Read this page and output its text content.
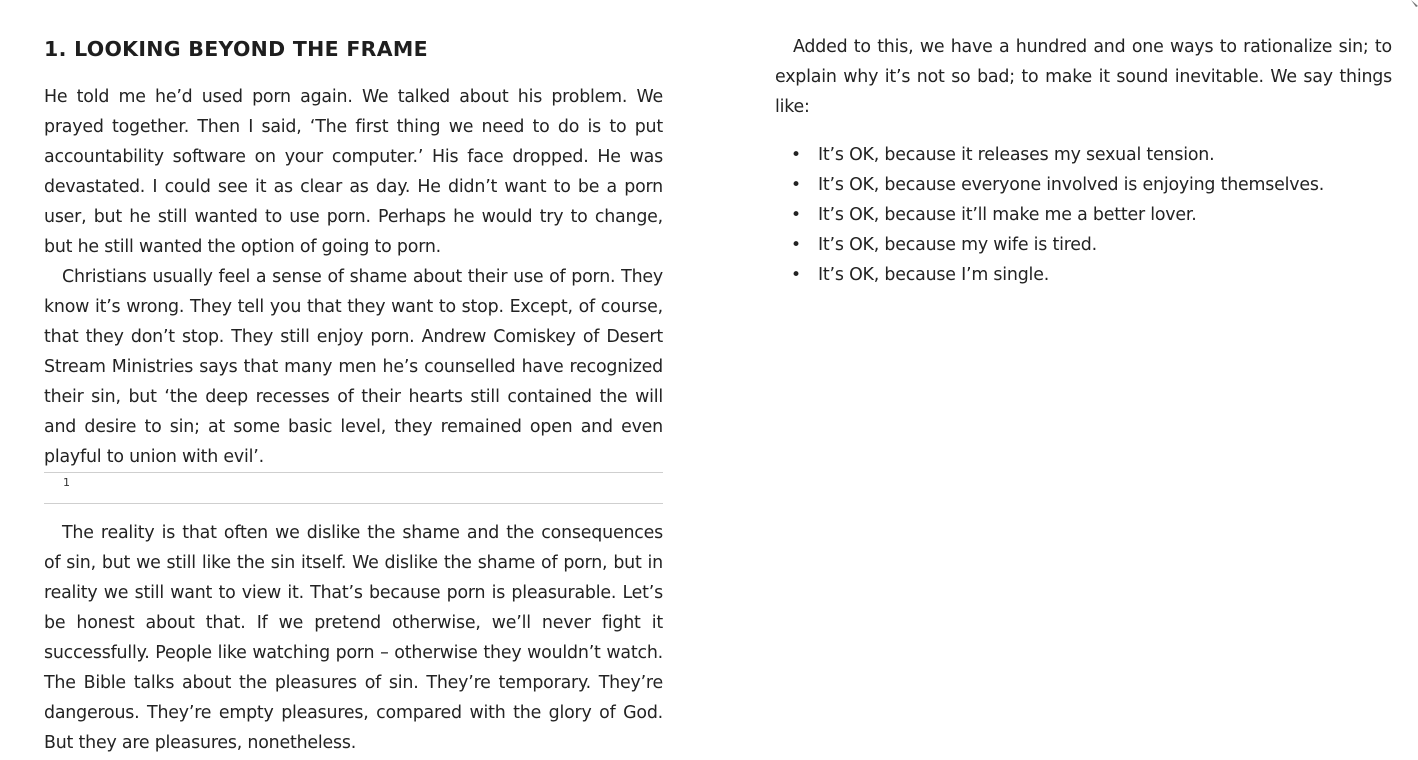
1. LOOKING BEYOND THE FRAME

He told me he’d used porn again. We talked about his problem. We prayed together. Then I said, ‘The first thing we need to do is to put accountability software on your computer.’ His face dropped. He was devastated. I could see it as clear as day. He didn’t want to be a porn user, but he still wanted to use porn. Perhaps he would try to change, but he still wanted the option of going to porn.

Christians usually feel a sense of shame about their use of porn. They know it’s wrong. They tell you that they want to stop. Except, of course, that they don’t stop. They still enjoy porn. Andrew Comiskey of Desert Stream Ministries says that many men he’s counselled have recognized their sin, but ‘the deep recesses of their hearts still contained the will and desire to sin; at some basic level, they remained open and even playful to union with evil’.

1

The reality is that often we dislike the shame and the consequences of sin, but we still like the sin itself. We dislike the shame of porn, but in reality we still want to view it. That’s because porn is pleasurable. Let’s be honest about that. If we pretend otherwise, we’ll never fight it successfully. People like watching porn – otherwise they wouldn’t watch. The Bible talks about the pleasures of sin. They’re temporary. They’re dangerous. They’re empty pleasures, compared with the glory of God. But they are pleasures, nonetheless.

Added to this, we have a hundred and one ways to rationalize sin; to explain why it’s not so bad; to make it sound inevitable. We say things like:

• It’s OK, because it releases my sexual tension.
• It’s OK, because everyone involved is enjoying themselves.
• It’s OK, because it’ll make me a better lover.
• It’s OK, because my wife is tired.
• It’s OK, because I’m single.
